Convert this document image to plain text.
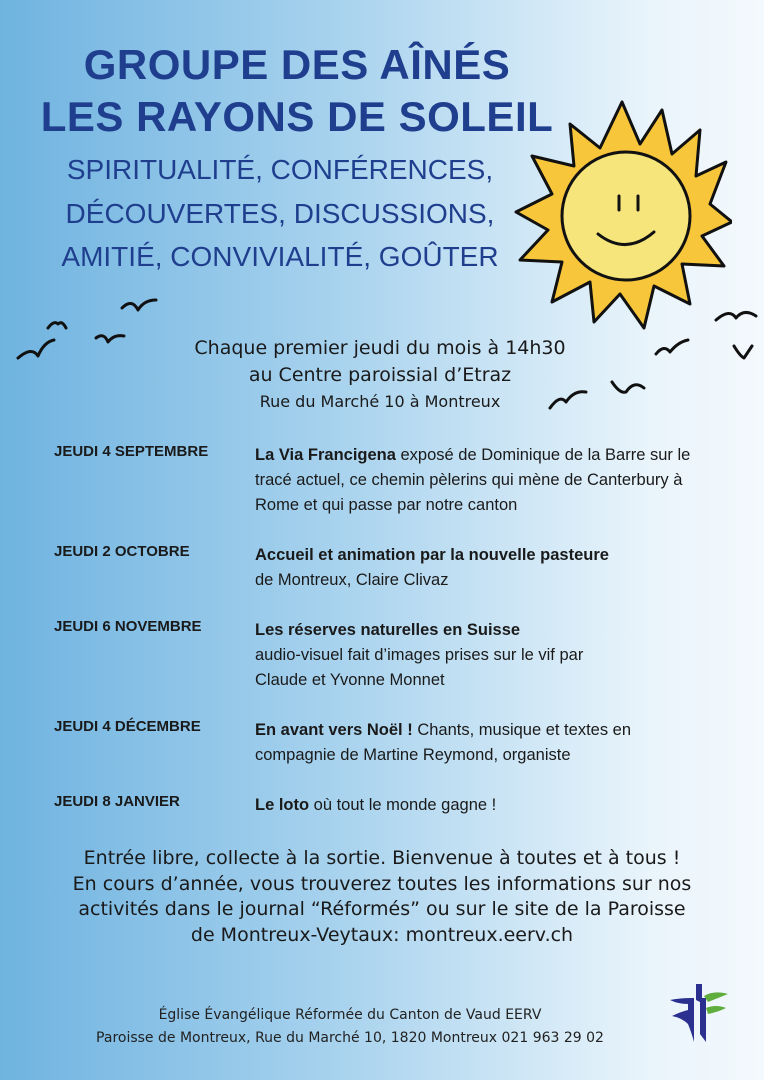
GROUPE DES AÎNÉS
LES RAYONS DE SOLEIL
SPIRITUALITÉ, CONFÉRENCES,
DÉCOUVERTES, DISCUSSIONS,
AMITIÉ, CONVIVIALITÉ, GOÛTER
Chaque premier jeudi du mois à 14h30
au Centre paroissial d’Etraz
Rue du Marché 10 à Montreux
JEUDI 4 SEPTEMBRE	La Via Francigena exposé de Dominique de la Barre sur le tracé actuel, ce chemin pèlerins qui mène de Canterbury à Rome et qui passe par notre canton
JEUDI 2 OCTOBRE	Accueil et animation par la nouvelle pasteure
de Montreux, Claire Clivaz
JEUDI 6 NOVEMBRE	Les réserves naturelles en Suisse
audio-visuel fait d’images prises sur le vif par Claude et Yvonne Monnet
JEUDI 4 DÉCEMBRE	En avant vers Noël ! Chants, musique et textes en compagnie de Martine Reymond, organiste
JEUDI 8 JANVIER	Le loto où tout le monde gagne !
Entrée libre, collecte à la sortie. Bienvenue à toutes et à tous !
En cours d’année, vous trouverez toutes les informations sur nos
activités dans le journal “Réformés” ou sur le site de la Paroisse
de Montreux-Veytaux: montreux.eerv.ch
Église Évangélique Réformée du Canton de Vaud EERV
Paroisse de Montreux, Rue du Marché 10, 1820 Montreux 021 963 29 02
